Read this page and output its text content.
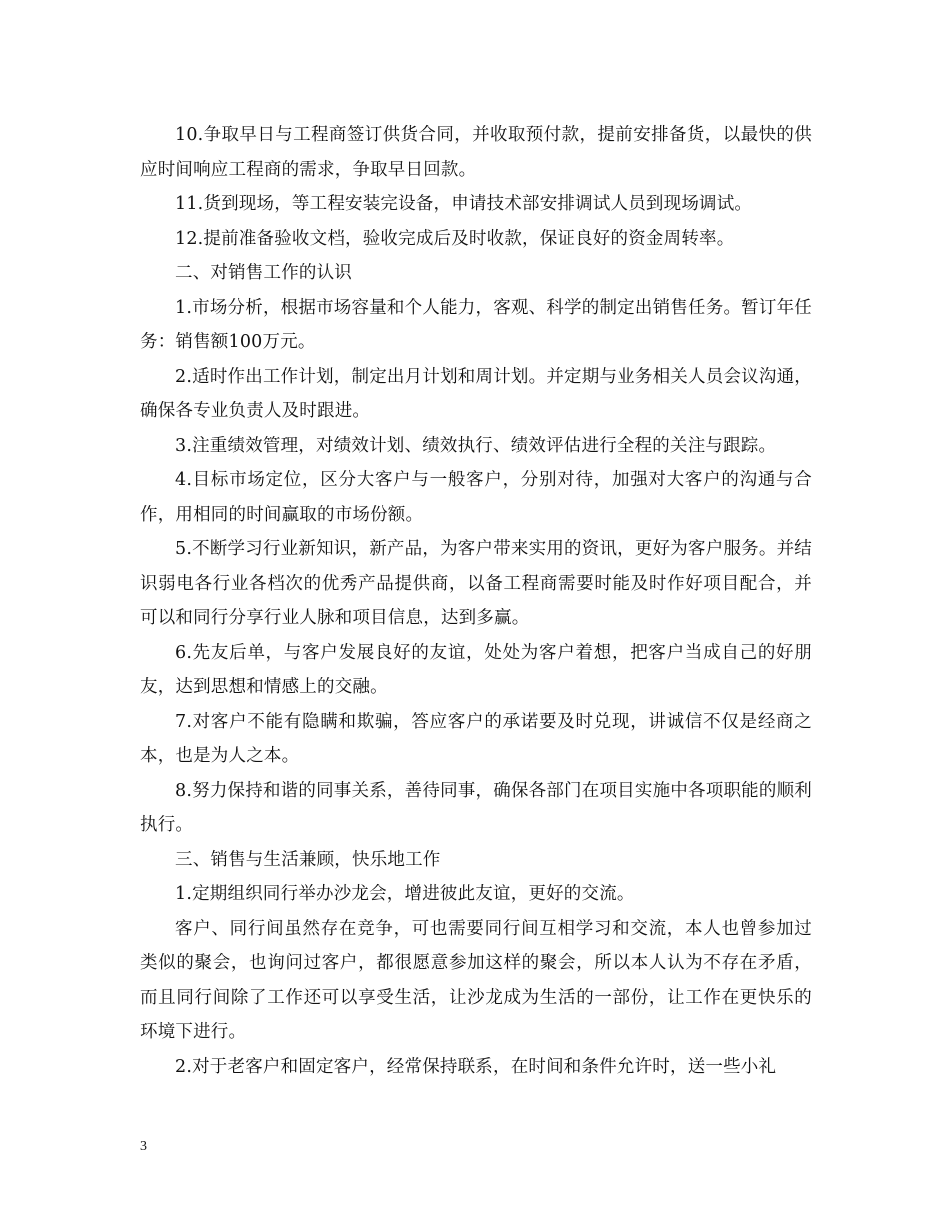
10.争取早日与工程商签订供货合同，并收取预付款，提前安排备货，以最快的供应时间响应工程商的需求，争取早日回款。

11.货到现场，等工程安装完设备，申请技术部安排调试人员到现场调试。

12.提前准备验收文档，验收完成后及时收款，保证良好的资金周转率。

二、对销售工作的认识

1.市场分析，根据市场容量和个人能力，客观、科学的制定出销售任务。暂订年任务：销售额100万元。

2.适时作出工作计划，制定出月计划和周计划。并定期与业务相关人员会议沟通，确保各专业负责人及时跟进。

3.注重绩效管理，对绩效计划、绩效执行、绩效评估进行全程的关注与跟踪。

4.目标市场定位，区分大客户与一般客户，分别对待，加强对大客户的沟通与合作，用相同的时间赢取的市场份额。

5.不断学习行业新知识，新产品，为客户带来实用的资讯，更好为客户服务。并结识弱电各行业各档次的优秀产品提供商，以备工程商需要时能及时作好项目配合，并可以和同行分享行业人脉和项目信息，达到多赢。

6.先友后单，与客户发展良好的友谊，处处为客户着想，把客户当成自己的好朋友，达到思想和情感上的交融。

7.对客户不能有隐瞒和欺骗，答应客户的承诺要及时兑现，讲诚信不仅是经商之本，也是为人之本。

8.努力保持和谐的同事关系，善待同事，确保各部门在项目实施中各项职能的顺利执行。

三、销售与生活兼顾，快乐地工作

1.定期组织同行举办沙龙会，增进彼此友谊，更好的交流。

客户、同行间虽然存在竞争，可也需要同行间互相学习和交流，本人也曾参加过类似的聚会，也询问过客户，都很愿意参加这样的聚会，所以本人认为不存在矛盾，而且同行间除了工作还可以享受生活，让沙龙成为生活的一部份，让工作在更快乐的环境下进行。

2.对于老客户和固定客户，经常保持联系，在时间和条件允许时，送一些小礼

3
